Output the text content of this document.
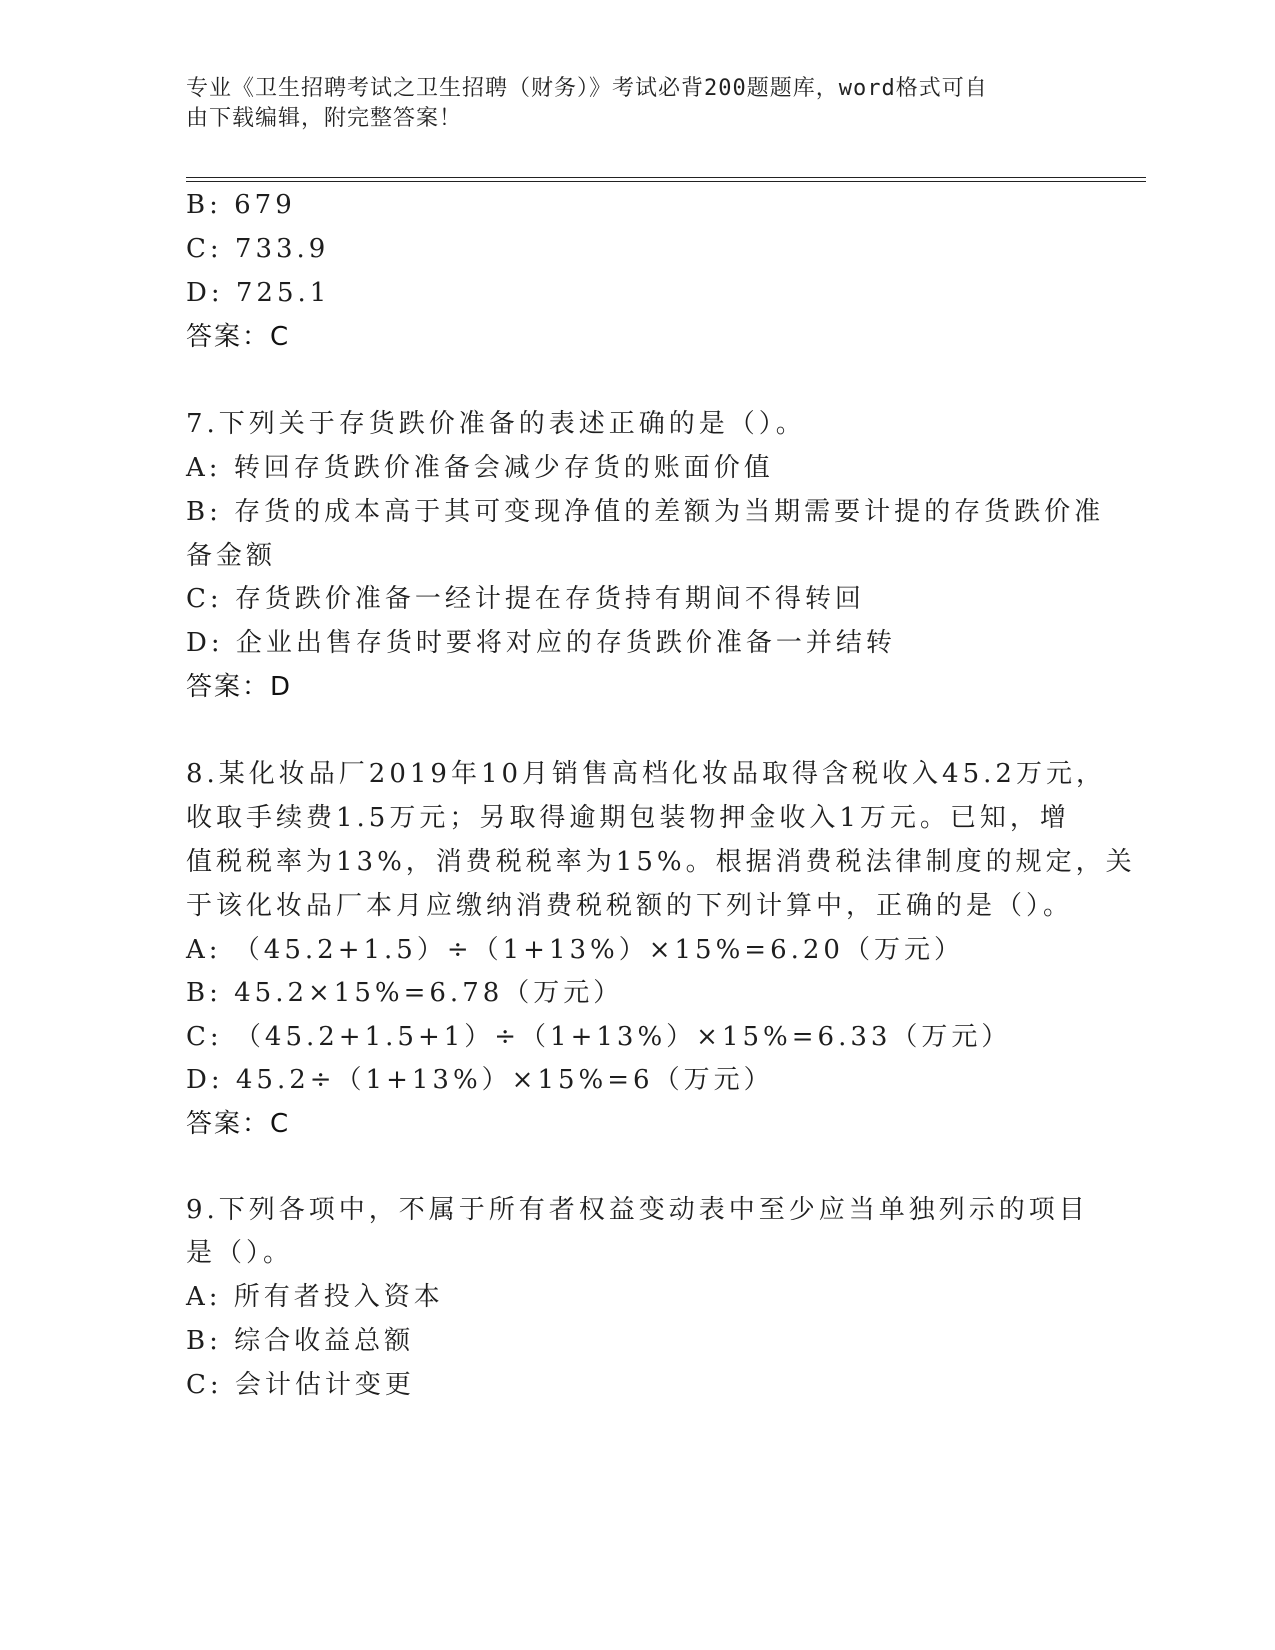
专业《卫生招聘考试之卫生招聘（财务）》考试必背200题题库，word格式可自
由下载编辑，附完整答案！
B: 679
C: 733.9
D: 725.1
答案：C
7.下列关于存货跌价准备的表述正确的是（）。
A: 转回存货跌价准备会减少存货的账面价值
B: 存货的成本高于其可变现净值的差额为当期需要计提的存货跌价准
备金额
C: 存货跌价准备一经计提在存货持有期间不得转回
D: 企业出售存货时要将对应的存货跌价准备一并结转
答案：D
8.某化妆品厂2019年10月销售高档化妆品取得含税收入45.2万元，
收取手续费1.5万元；另取得逾期包装物押金收入1万元。已知，增
值税税率为13%，消费税税率为15%。根据消费税法律制度的规定，关
于该化妆品厂本月应缴纳消费税税额的下列计算中，正确的是（）。
A: （45.2+1.5）÷（1+13%）×15%=6.20（万元）
B: 45.2×15%=6.78（万元）
C: （45.2+1.5+1）÷（1+13%）×15%=6.33（万元）
D: 45.2÷（1+13%）×15%=6（万元）
答案：C
9.下列各项中，不属于所有者权益变动表中至少应当单独列示的项目
是（）。
A: 所有者投入资本
B: 综合收益总额
C: 会计估计变更
